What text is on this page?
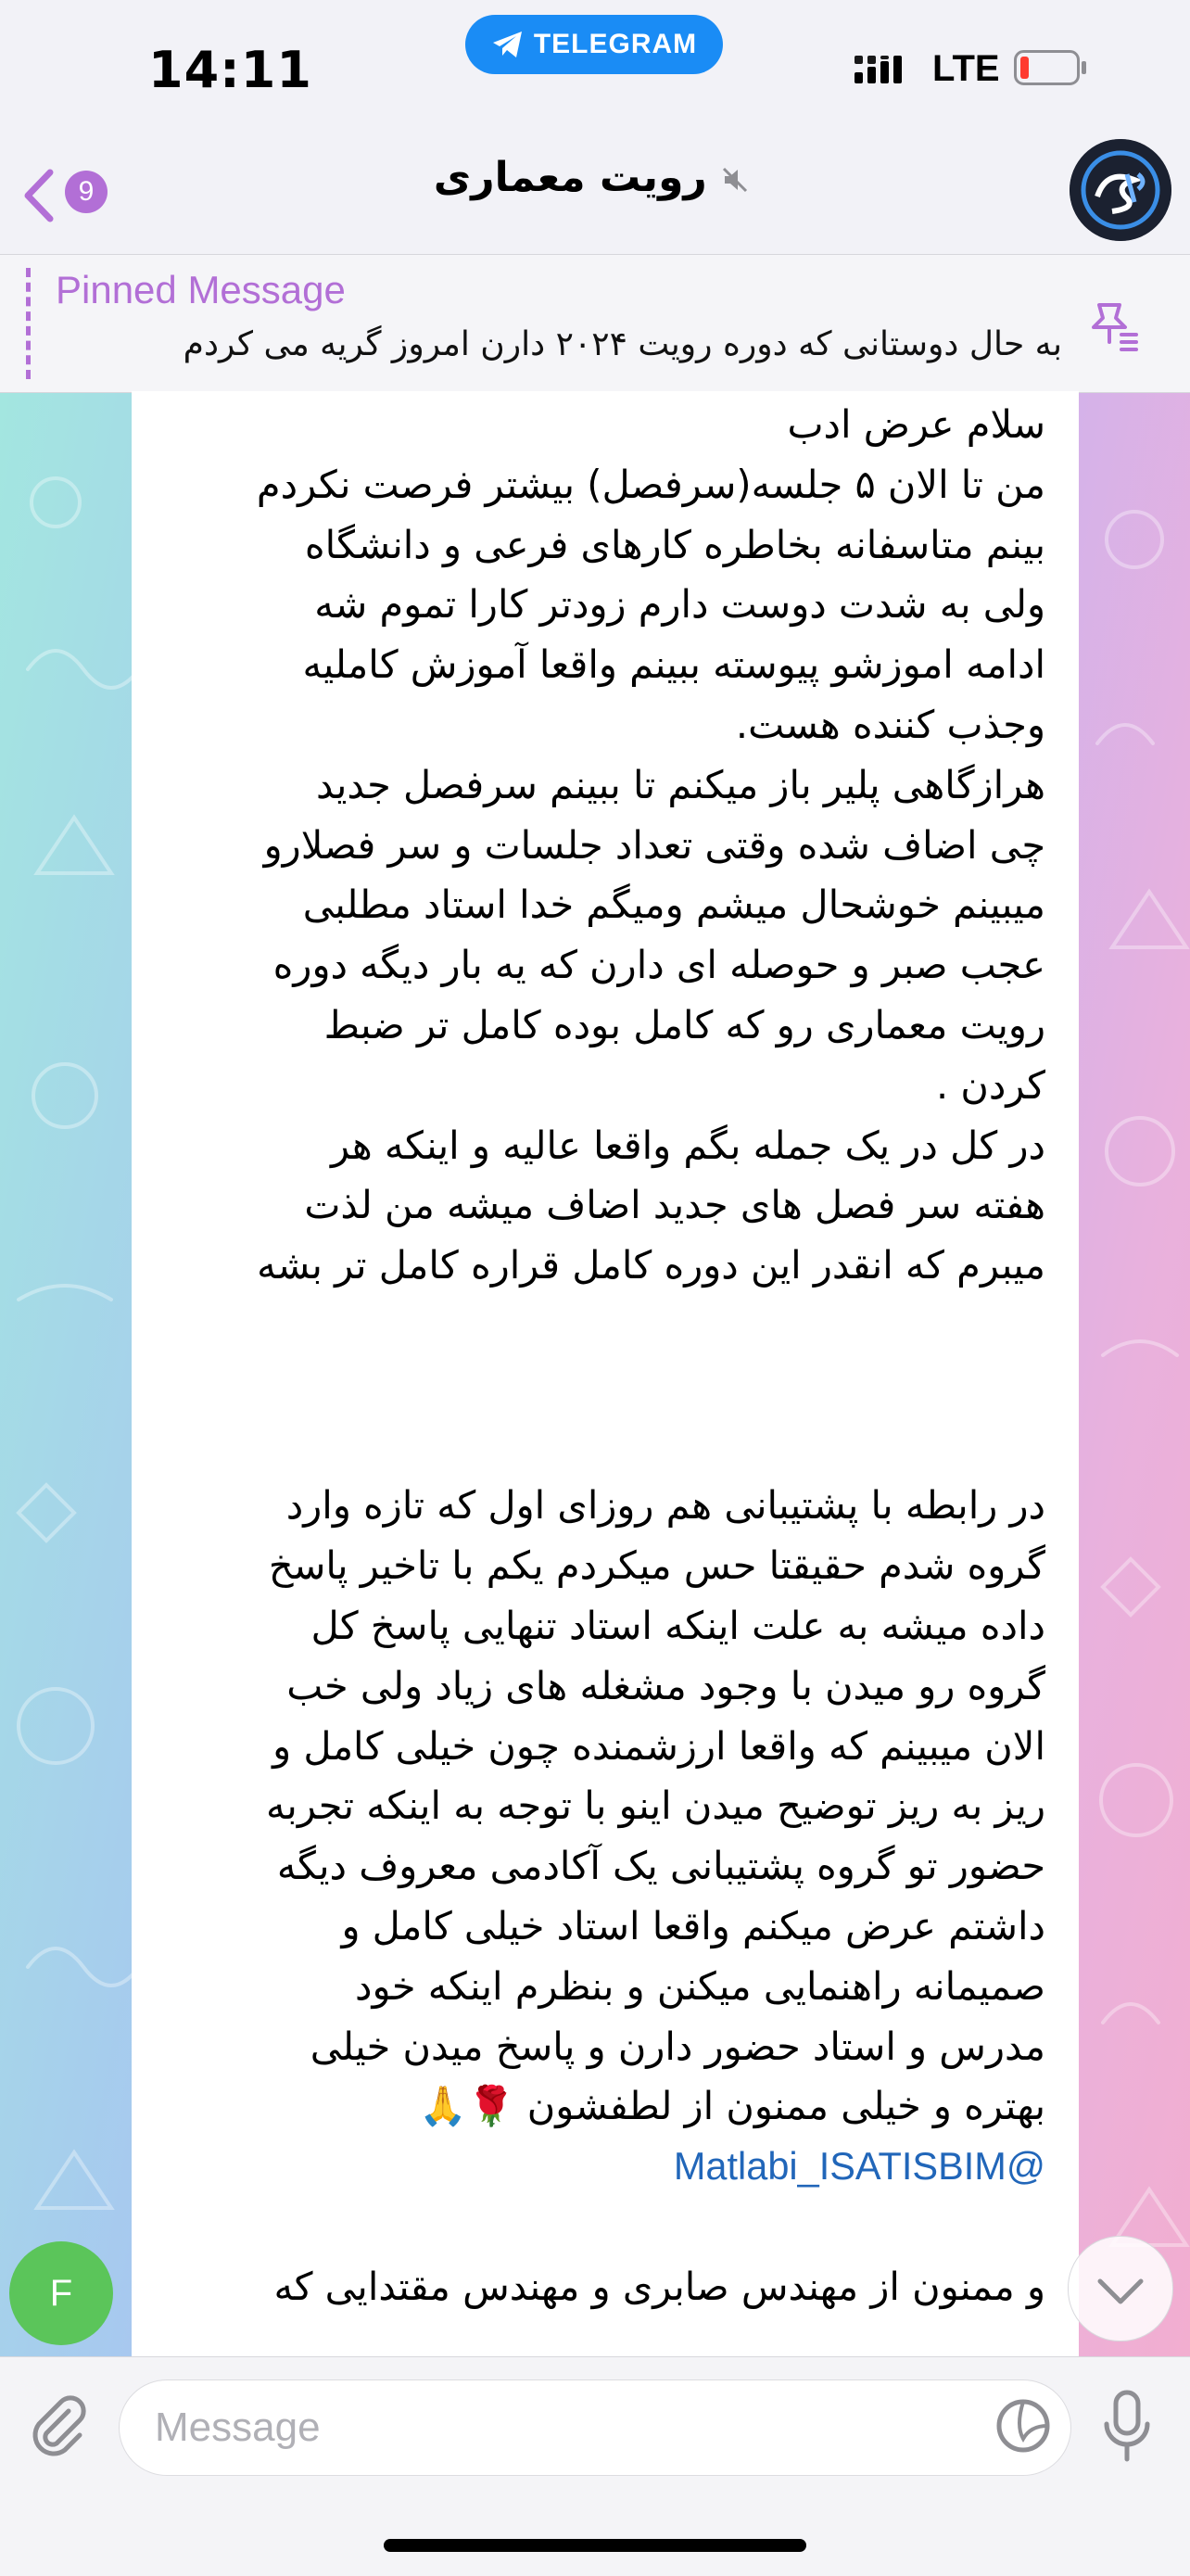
14:11	TELEGRAM
LTE
9	رویت معماری
Pinned Message
به حال دوستانی که دوره رویت ۲۰۲۴ دارن امروز گریه می کردم
سلام عرض ادب
من تا الان ۵ جلسه(سرفصل) بیشتر فرصت نکردم
بینم متاسفانه بخاطره کارهای فرعی و دانشگاه
ولی به شدت دوست دارم زودتر کارا تموم شه
ادامه اموزشو پیوسته ببینم واقعا آموزش کاملیه
وجذب کننده هست.
هرازگاهی پلیر باز میکنم تا ببینم سرفصل جدید
چی اضاف شده وقتی تعداد جلسات و سر فصلارو
میبینم خوشحال میشم ومیگم خدا استاد مطلبی
عجب صبر و حوصله ای دارن که یه بار دیگه دوره
رویت معماری رو که کامل بوده کامل تر ضبط
کردن .
در کل در یک جمله بگم واقعا عالیه و اینکه هر
هفته سر فصل های جدید اضاف میشه من لذت
میبرم که انقدر این دوره کامل قراره کامل تر بشه

در رابطه با پشتیبانی هم روزای اول که تازه وارد
گروه شدم حقیقتا حس میکردم یکم با تاخیر پاسخ
داده میشه به علت اینکه استاد تنهایی پاسخ کل
گروه رو میدن با وجود مشغله های زیاد ولی خب
الان میبینم که واقعا ارزشمنده چون خیلی کامل و
ریز به ریز توضیح میدن اینو با توجه به اینکه تجربه
حضور تو گروه پشتیبانی یک آکادمی معروف دیگه
داشتم عرض میکنم واقعا استاد خیلی کامل و
صمیمانه راهنمایی میکنن و بنظرم اینکه خود
مدرس و استاد حضور دارن و پاسخ میدن خیلی
بهتره و خیلی ممنون از لطفشون 🌹🙏
@Matlabi_ISATISBIM

و ممنون از مهندس صابری و مهندس مقتدایی که
F
Message
